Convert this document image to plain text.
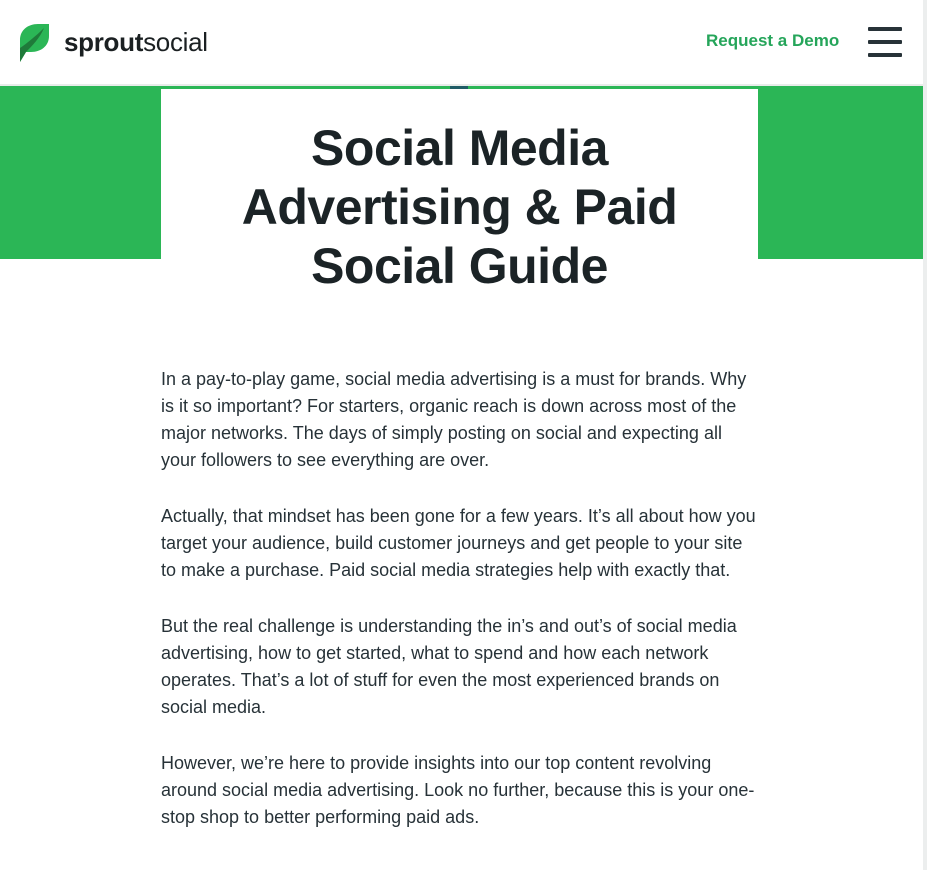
sproutsocial	Request a Demo
Social Media
Advertising & Paid
Social Guide

In a pay-to-play game, social media advertising is a must for brands. Why is it so important? For starters, organic reach is down across most of the major networks. The days of simply posting on social and expecting all your followers to see everything are over.

Actually, that mindset has been gone for a few years. It’s all about how you target your audience, build customer journeys and get people to your site to make a purchase. Paid social media strategies help with exactly that.

But the real challenge is understanding the in’s and out’s of social media advertising, how to get started, what to spend and how each network operates. That’s a lot of stuff for even the most experienced brands on social media.

However, we’re here to provide insights into our top content revolving around social media advertising. Look no further, because this is your one-stop shop to better performing paid ads.
